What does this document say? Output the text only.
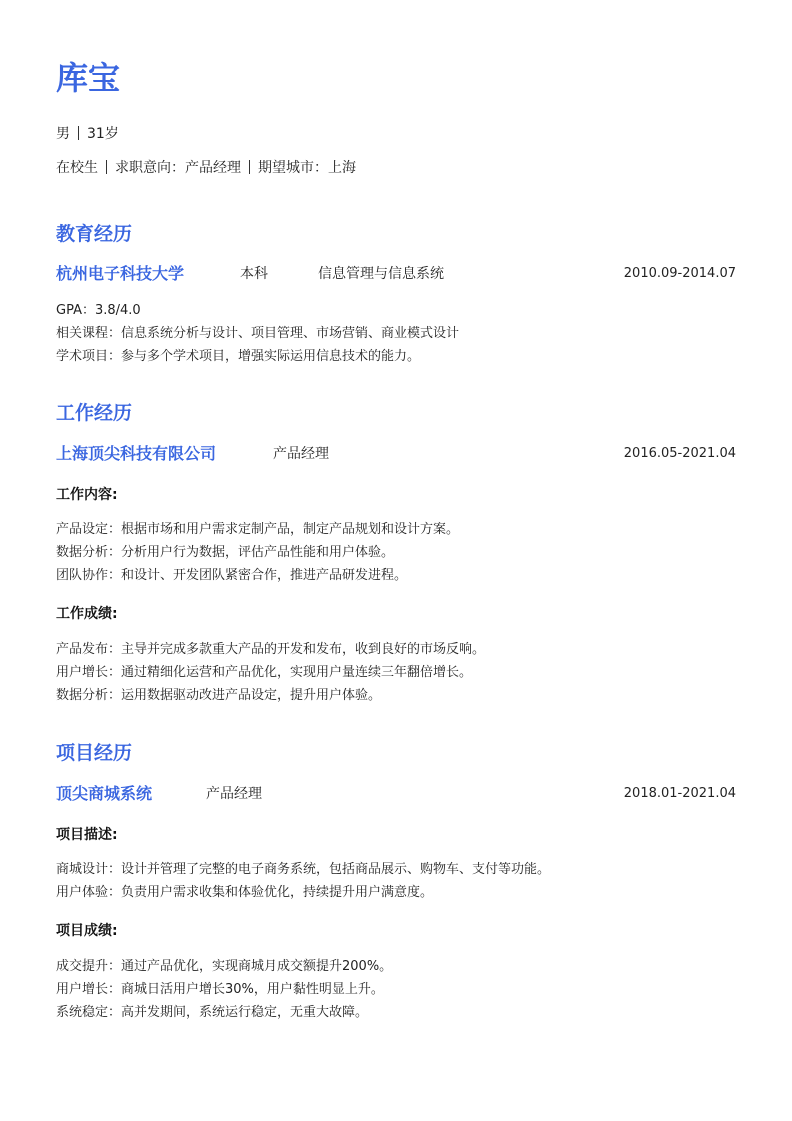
库宝
男 31岁
在校生 求职意向：产品经理 期望城市：上海
教育经历
杭州电子科技大学	本科	信息管理与信息系统	2010.09-2014.07
GPA：3.8/4.0
相关课程：信息系统分析与设计、项目管理、市场营销、商业模式设计
学术项目：参与多个学术项目，增强实际运用信息技术的能力。
工作经历
上海顶尖科技有限公司	产品经理	2016.05-2021.04
工作内容:
产品设定：根据市场和用户需求定制产品，制定产品规划和设计方案。
数据分析：分析用户行为数据，评估产品性能和用户体验。
团队协作：和设计、开发团队紧密合作，推进产品研发进程。
工作成绩:
产品发布：主导并完成多款重大产品的开发和发布，收到良好的市场反响。
用户增长：通过精细化运营和产品优化，实现用户量连续三年翻倍增长。
数据分析：运用数据驱动改进产品设定，提升用户体验。
项目经历
顶尖商城系统	产品经理	2018.01-2021.04
项目描述:
商城设计：设计并管理了完整的电子商务系统，包括商品展示、购物车、支付等功能。
用户体验：负责用户需求收集和体验优化，持续提升用户满意度。
项目成绩:
成交提升：通过产品优化，实现商城月成交额提升200%。
用户增长：商城日活用户增长30%，用户黏性明显上升。
系统稳定：高并发期间，系统运行稳定，无重大故障。
